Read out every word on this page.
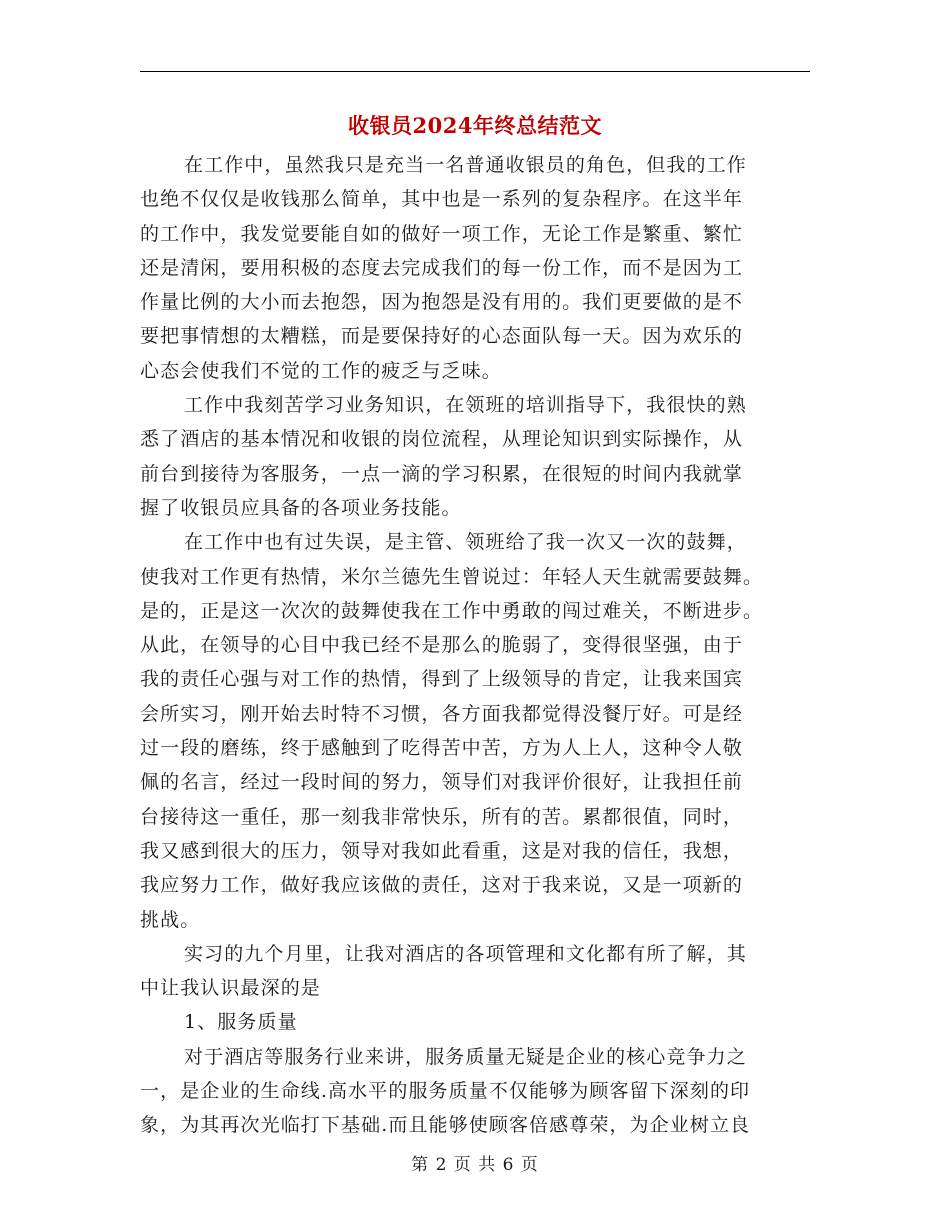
收银员2024年终总结范文

在工作中，虽然我只是充当一名普通收银员的角色，但我的工作
也绝不仅仅是收钱那么简单，其中也是一系列的复杂程序。在这半年
的工作中，我发觉要能自如的做好一项工作，无论工作是繁重、繁忙
还是清闲，要用积极的态度去完成我们的每一份工作，而不是因为工
作量比例的大小而去抱怨，因为抱怨是没有用的。我们更要做的是不
要把事情想的太糟糕，而是要保持好的心态面队每一天。因为欢乐的
心态会使我们不觉的工作的疲乏与乏味。

工作中我刻苦学习业务知识，在领班的培训指导下，我很快的熟
悉了酒店的基本情况和收银的岗位流程，从理论知识到实际操作，从
前台到接待为客服务，一点一滴的学习积累，在很短的时间内我就掌
握了收银员应具备的各项业务技能。

在工作中也有过失误，是主管、领班给了我一次又一次的鼓舞，
使我对工作更有热情，米尔兰德先生曾说过：年轻人天生就需要鼓舞。
是的，正是这一次次的鼓舞使我在工作中勇敢的闯过难关，不断进步。
从此，在领导的心目中我已经不是那么的脆弱了，变得很坚强，由于
我的责任心强与对工作的热情，得到了上级领导的肯定，让我来国宾
会所实习，刚开始去时特不习惯，各方面我都觉得没餐厅好。可是经
过一段的磨练，终于感触到了吃得苦中苦，方为人上人，这种令人敬
佩的名言，经过一段时间的努力，领导们对我评价很好，让我担任前
台接待这一重任，那一刻我非常快乐，所有的苦。累都很值，同时，
我又感到很大的压力，领导对我如此看重，这是对我的信任，我想，
我应努力工作，做好我应该做的责任，这对于我来说，又是一项新的
挑战。

实习的九个月里，让我对酒店的各项管理和文化都有所了解，其
中让我认识最深的是

1、服务质量

对于酒店等服务行业来讲，服务质量无疑是企业的核心竞争力之
一，是企业的生命线.高水平的服务质量不仅能够为顾客留下深刻的印
象，为其再次光临打下基础.而且能够使顾客倍感尊荣，为企业树立良

第 2 页 共 6 页
